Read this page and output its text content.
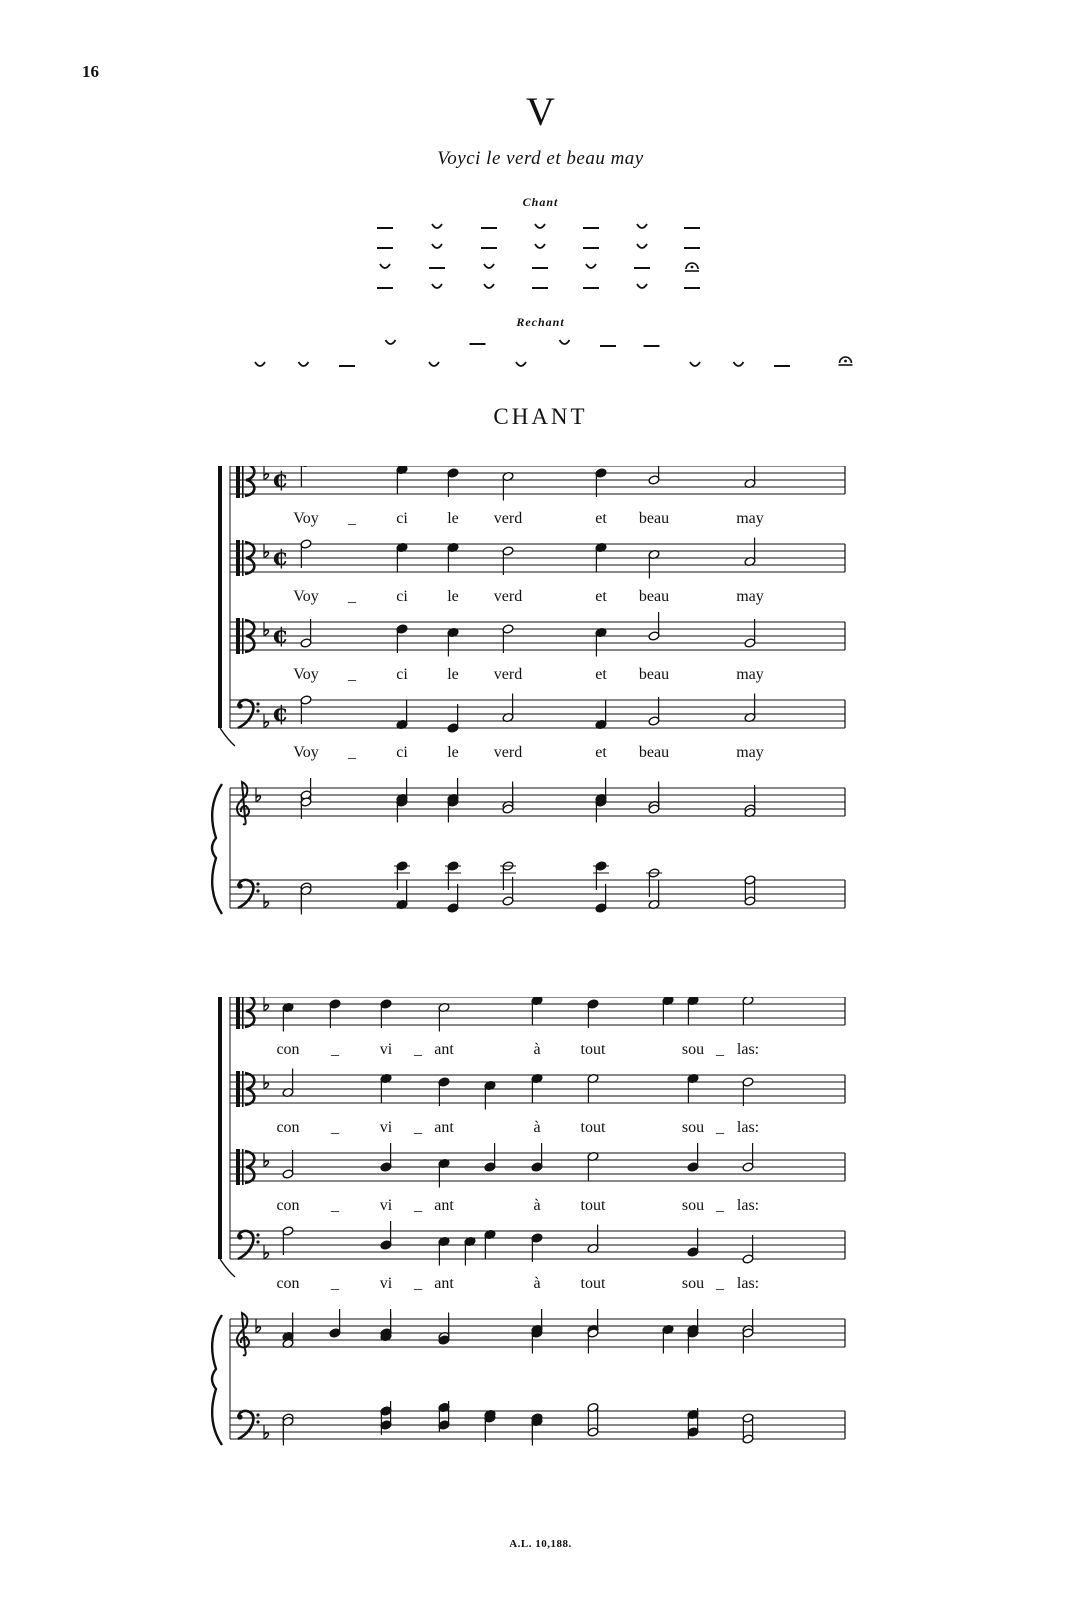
16
V
Voyci le verd et beau may
Chant
Rechant
CHANT
¢
¢
¢
¢
Voy	_	ci	le	verd	et	beau	may
Voy	_	ci	le	verd	et	beau	may
Voy	_	ci	le	verd	et	beau	may
Voy	_	ci	le	verd	et	beau	may
con	_	vi	_ ant	à	tout	sou _ las:
con	_	vi	_ ant	à	tout	sou _ las:
con	_	vi	_ ant	à	tout	sou _ las:
con	_	vi	_ ant	à	tout	sou _ las:
A.L. 10,188.
